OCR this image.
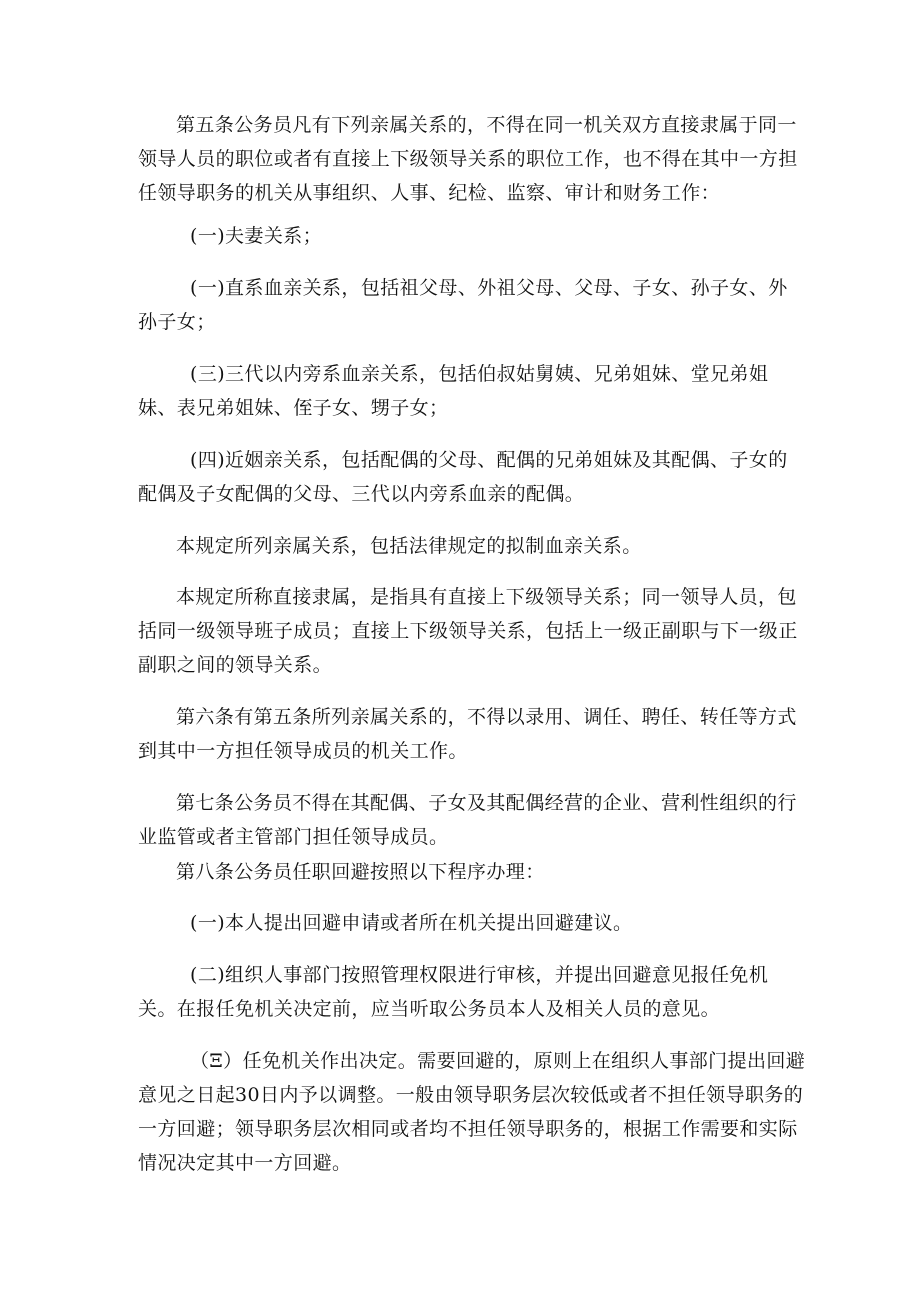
第五条公务员凡有下列亲属关系的，不得在同一机关双方直接隶属于同一领导人员的职位或者有直接上下级领导关系的职位工作，也不得在其中一方担任领导职务的机关从事组织、人事、纪检、监察、审计和财务工作：

(一)夫妻关系；

(一)直系血亲关系，包括祖父母、外祖父母、父母、子女、孙子女、外孙子女；

(三)三代以内旁系血亲关系，包括伯叔姑舅姨、兄弟姐妹、堂兄弟姐妹、表兄弟姐妹、侄子女、甥子女；

(四)近姻亲关系，包括配偶的父母、配偶的兄弟姐妹及其配偶、子女的配偶及子女配偶的父母、三代以内旁系血亲的配偶。

本规定所列亲属关系，包括法律规定的拟制血亲关系。

本规定所称直接隶属，是指具有直接上下级领导关系；同一领导人员，包括同一级领导班子成员；直接上下级领导关系，包括上一级正副职与下一级正副职之间的领导关系。

第六条有第五条所列亲属关系的，不得以录用、调任、聘任、转任等方式到其中一方担任领导成员的机关工作。

第七条公务员不得在其配偶、子女及其配偶经营的企业、营利性组织的行业监管或者主管部门担任领导成员。

第八条公务员任职回避按照以下程序办理：

(一)本人提出回避申请或者所在机关提出回避建议。

(二)组织人事部门按照管理权限进行审核，并提出回避意见报任免机关。在报任免机关决定前，应当听取公务员本人及相关人员的意见。

（Ξ）任免机关作出决定。需要回避的，原则上在组织人事部门提出回避意见之日起30日内予以调整。一般由领导职务层次较低或者不担任领导职务的一方回避；领导职务层次相同或者均不担任领导职务的，根据工作需要和实际情况决定其中一方回避。
